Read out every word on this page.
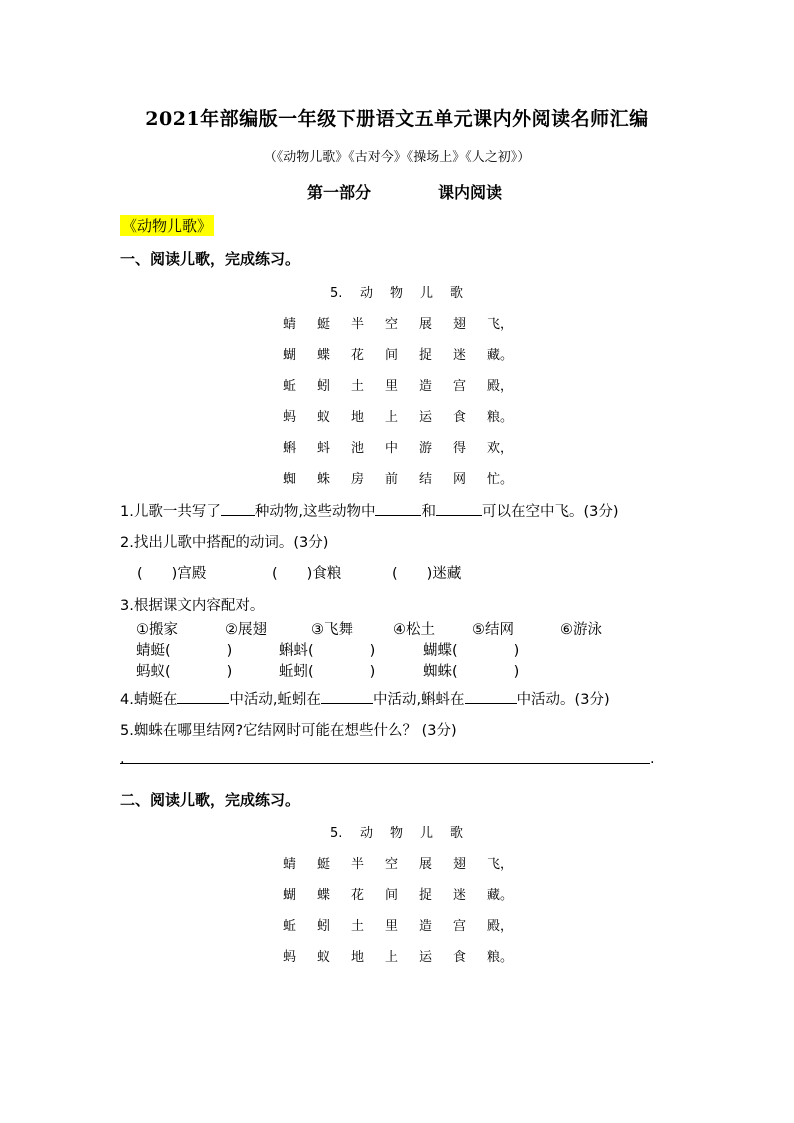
2021年部编版一年级下册语文五单元课内外阅读名师汇编
（《动物儿歌》《古对今》《操场上》《人之初》）
第一部分	课内阅读
《动物儿歌》
一、阅读儿歌，完成练习。
5. 动 物 儿 歌
蜻 蜓 半 空 展 翅 飞，
蝴 蝶 花 间 捉 迷 藏。
蚯 蚓 土 里 造 宫 殿，
蚂 蚁 地 上 运 食 粮。
蝌 蚪 池 中 游 得 欢，
蜘 蛛 房 前 结 网 忙。
1.儿歌一共写了 种动物,这些动物中	和	可以在空中飞。(3分)
2.找出儿歌中搭配的动词。(3分)
(　　)宫殿	(　　)食粮	(　　)迷藏
3.根据课文内容配对。
①搬家	②展翅	③飞舞	④松土	⑤结网	⑥游泳
蜻蜓(	)	蝌蚪(	)	蝴蝶(	)
蚂蚁(	)	蚯蚓(	)	蜘蛛(	)
4.蜻蜓在	中活动,蚯蚓在	中活动,蝌蚪在	中活动。(3分)
5.蜘蛛在哪里结网?它结网时可能在想些什么？ (3分)
.	.
二、阅读儿歌，完成练习。
5. 动 物 儿 歌
蜻 蜓 半 空 展 翅 飞，
蝴 蝶 花 间 捉 迷 藏。
蚯 蚓 土 里 造 宫 殿，
蚂 蚁 地 上 运 食 粮。
